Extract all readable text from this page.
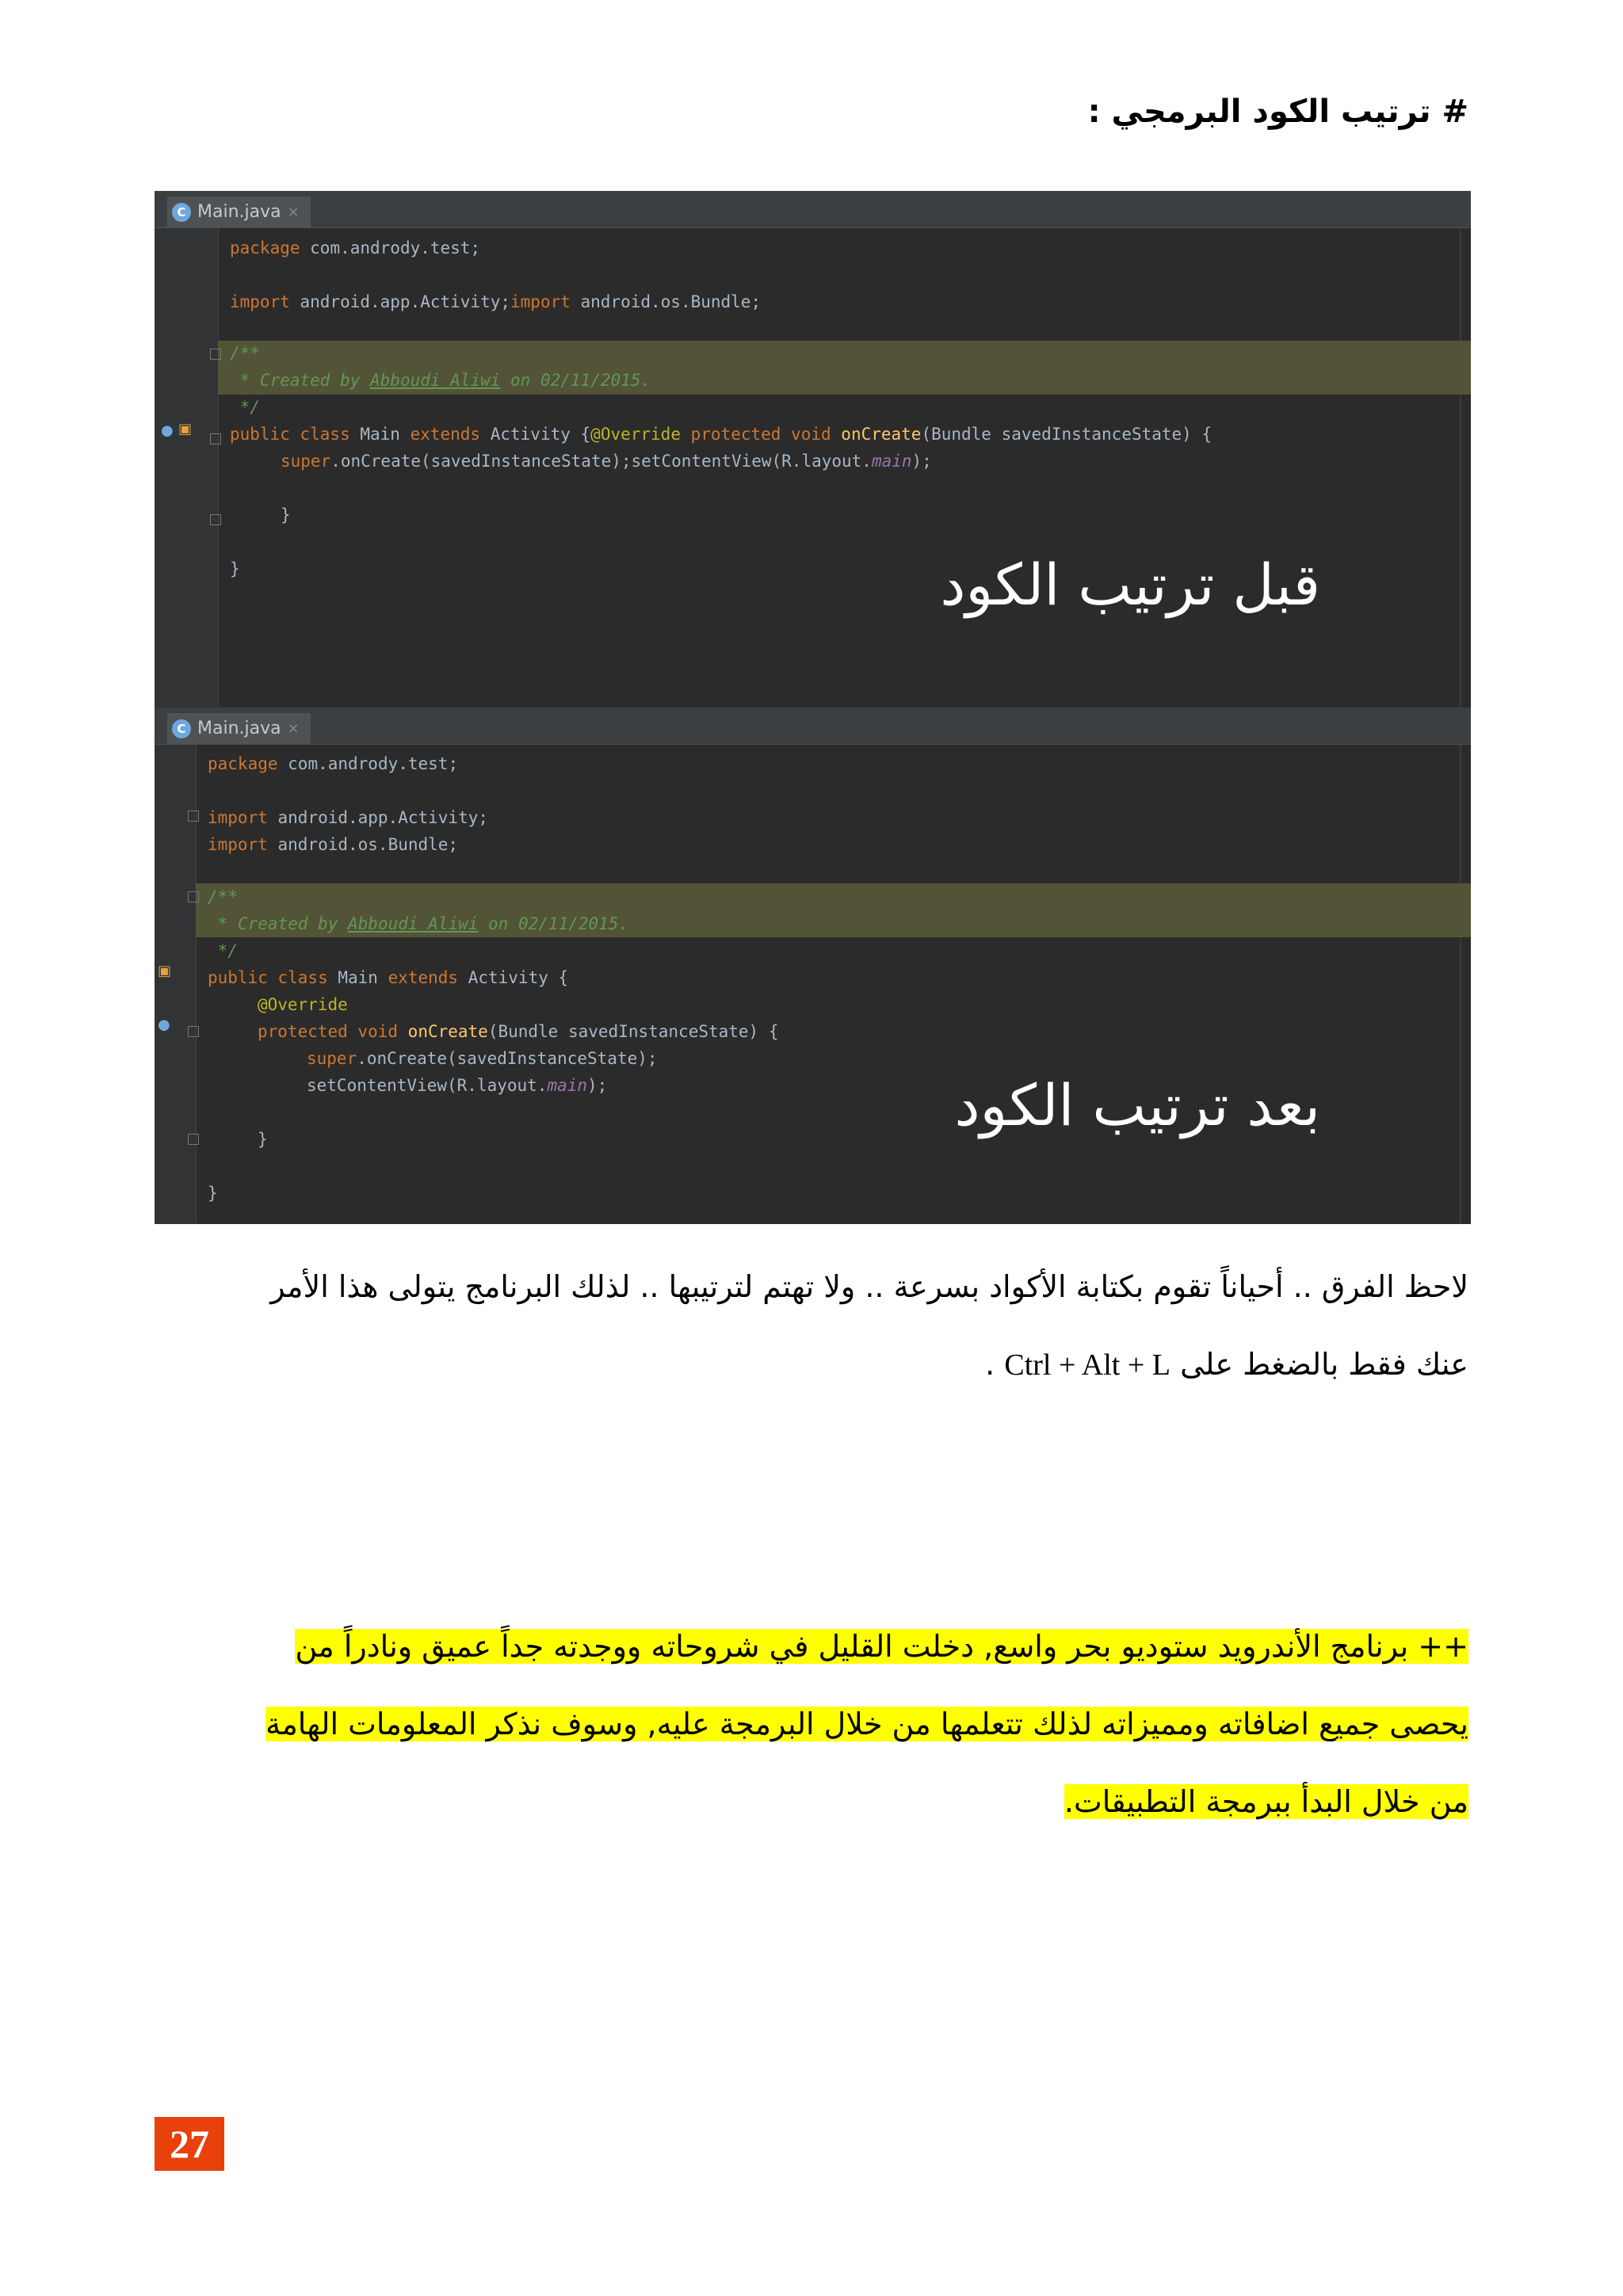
# ترتيب الكود البرمجي :
C Main.java ×
● ▣
package com.andrody.test;
import android.app.Activity;import android.os.Bundle;
/**
* Created by Abboudi Aliwi on 02/11/2015.
*/
public class Main extends Activity {@Override protected void onCreate(Bundle savedInstanceState) {
super.onCreate(savedInstanceState);setContentView(R.layout.main);
}
}	قبل ترتيب الكود
C Main.java ×
▣
●
package com.andrody.test;
import android.app.Activity;
import android.os.Bundle;
/**
* Created by Abboudi Aliwi on 02/11/2015.
*/
public class Main extends Activity {
@Override
protected void onCreate(Bundle savedInstanceState) {
super.onCreate(savedInstanceState);
setContentView(R.layout.main);
}
}
بعد ترتيب الكود
لاحظ الفرق .. أحياناً تقوم بكتابة الأكواد بسرعة .. ولا تهتم لترتيبها .. لذلك البرنامج يتولى هذا الأمر
عنك فقط بالضغط على Ctrl + Alt + L .
++ برنامج الأندرويد ستوديو بحر واسع, دخلت القليل في شروحاته ووجدته جداً عميق ونادراً من
يحصى جميع اضافاته ومميزاته لذلك تتعلمها من خلال البرمجة عليه, وسوف نذكر المعلومات الهامة
من خلال البدأ ببرمجة التطبيقات.
27
